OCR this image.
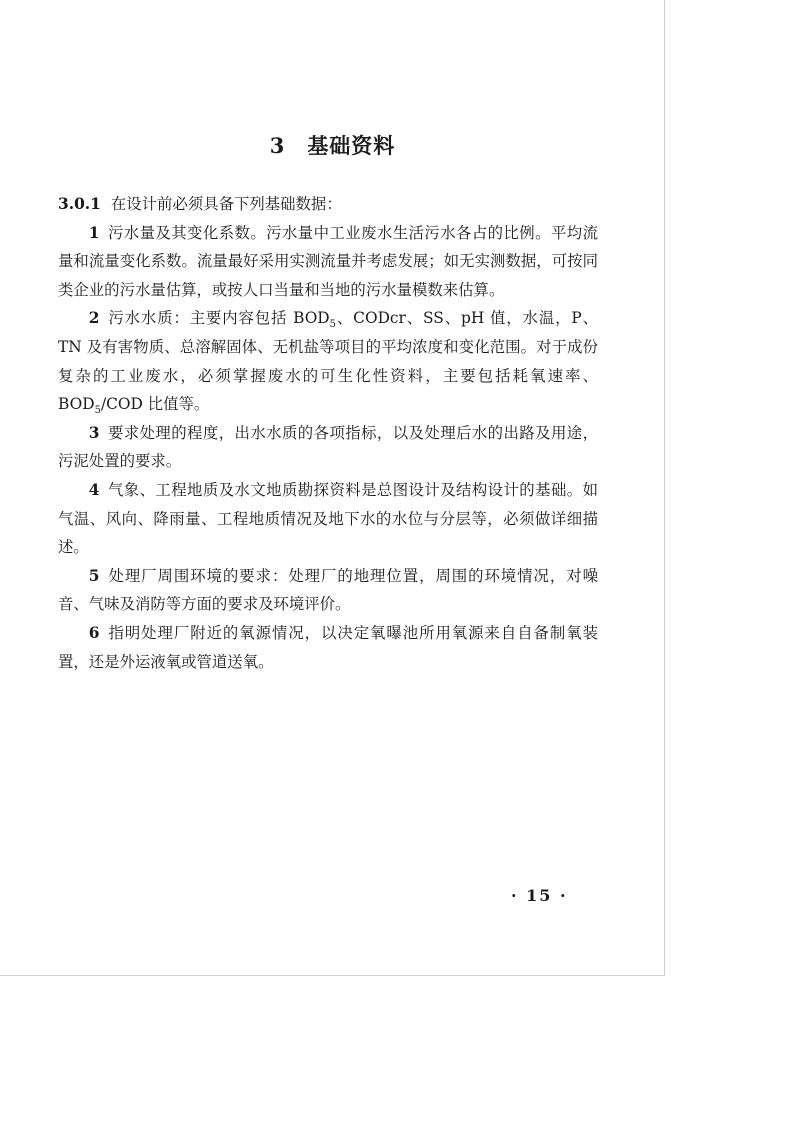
3 基础资料

3.0.1 在设计前必须具备下列基础数据：

1 污水量及其变化系数。污水量中工业废水生活污水各占的比例。平均流量和流量变化系数。流量最好采用实测流量并考虑发展；如无实测数据，可按同类企业的污水量估算，或按人口当量和当地的污水量模数来估算。

2 污水水质：主要内容包括 $BOD_5$、CODcr、SS、pH 值，水温，P、TN 及有害物质、总溶解固体、无机盐等项目的平均浓度和变化范围。对于成份复杂的工业废水，必须掌握废水的可生化性资料，主要包括耗氧速率、$BOD_5$/COD 比值等。

3 要求处理的程度，出水水质的各项指标，以及处理后水的出路及用途，污泥处置的要求。

4 气象、工程地质及水文地质勘探资料是总图设计及结构设计的基础。如气温、风向、降雨量、工程地质情况及地下水的水位与分层等，必须做详细描述。

5 处理厂周围环境的要求：处理厂的地理位置，周围的环境情况，对噪音、气味及消防等方面的要求及环境评价。

6 指明处理厂附近的氧源情况，以决定氧曝池所用氧源来自自备制氧装置，还是外运液氧或管道送氧。

· 15 ·
